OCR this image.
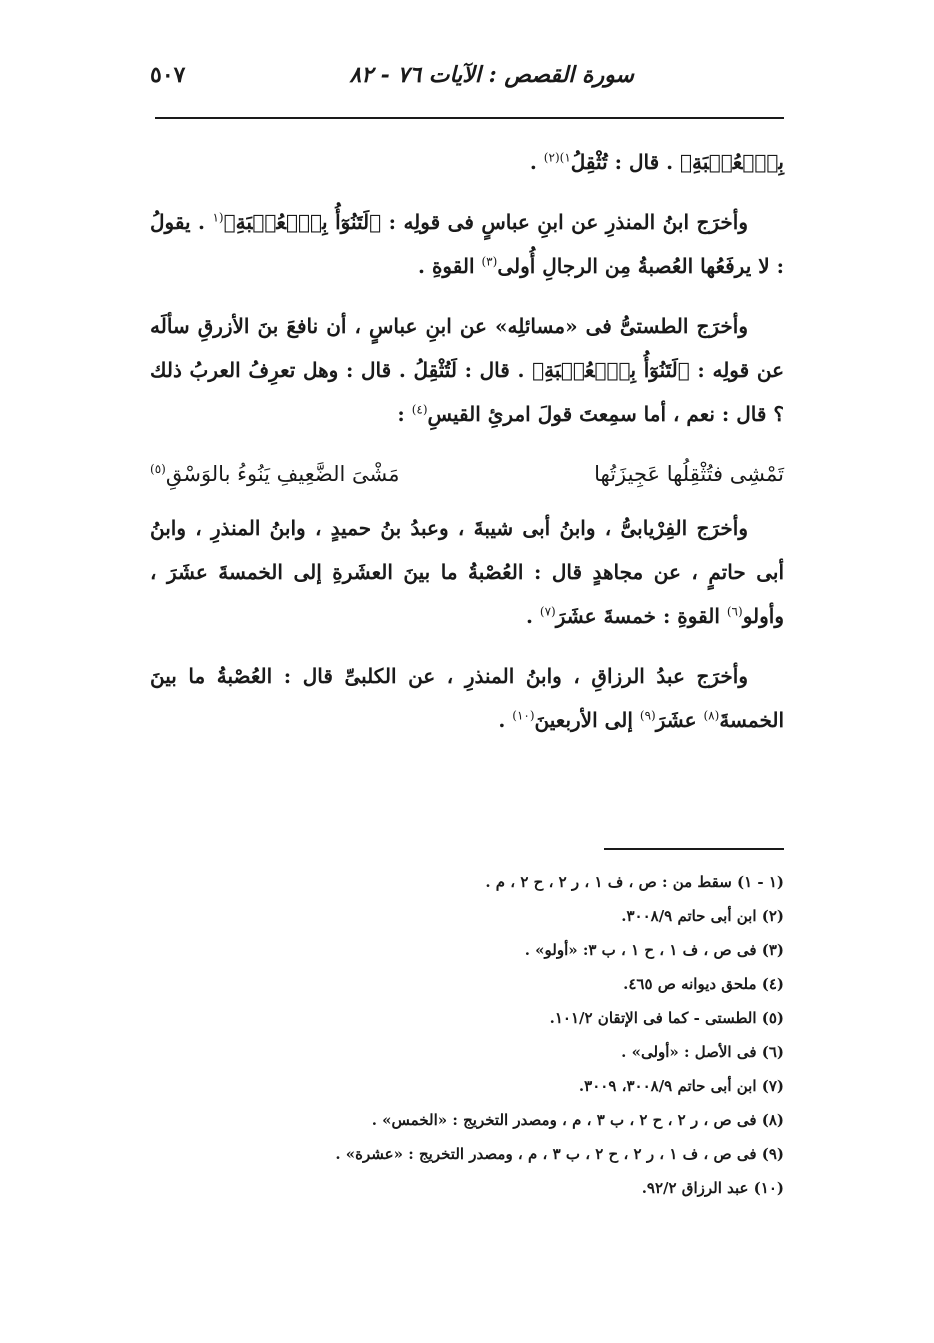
سورة القصص : الآيات ٧٦ - ٨٢
٥٠٧

بِٱلۡعُصۡبَةِ﴾ . قال : تُثْقِلُ$^{١)(٢)}$ .

وأخرَج ابنُ المنذرِ عن ابنِ عباسٍ فى قولِه : ﴿لَتَنُوٓأُ بِٱلۡعُصۡبَةِ﴾$^{(١}$ . يقولُ : لا يرفَعُها العُصبةُ مِن الرجالِ أُولى$^{(٣)}$ القوةِ .

وأخرَج الطستىُّ فى «مسائلِه» عن ابنِ عباسٍ ، أن نافعَ بنَ الأزرقِ سألَه عن قولِه : ﴿لَتَنُوٓأُ بِٱلۡعُصۡبَةِ﴾ . قال : لَتُثْقِلُ . قال : وهل تعرِفُ العربُ ذلك ؟ قال : نعم ، أما سمِعتَ قولَ امرئِ القيسِ$^{(٤)}$ :

تَمْشِى فتُثْقِلُها عَجِيزَتُها
مَشْىَ الضَّعِيفِ يَنُوءُ بالوَسْقِ$^{(٥)}$

وأخرَج الفِرْيابىُّ ، وابنُ أبى شيبةَ ، وعبدُ بنُ حميدٍ ، وابنُ المنذرِ ، وابنُ أبى حاتمٍ ، عن مجاهدٍ قال : العُصْبةُ ما بينَ العشَرةِ إلى الخمسةَ عشَرَ ، وأولو$^{(٦)}$ القوةِ : خمسةَ عشَرَ$^{(٧)}$ .

وأخرَج عبدُ الرزاقِ ، وابنُ المنذرِ ، عن الكلبىِّ قال : العُصْبةُ ما بينَ الخمسةَ$^{(٨)}$ عشَرَ$^{(٩)}$ إلى الأربعينَ$^{(١٠)}$ .

(١ - ١) سقط من : ص ، ف ١ ، ر ٢ ، ح ٢ ، م .
(٢) ابن أبى حاتم ٣٠٠٨/٩.
(٣) فى ص ، ف ١ ، ح ١ ، ب ٣: «أولو» .
(٤) ملحق ديوانه ص ٤٦٥.
(٥) الطستى - كما فى الإتقان ١٠١/٢.
(٦) فى الأصل : «أولى» .
(٧) ابن أبى حاتم ٣٠٠٨/٩، ٣٠٠٩.
(٨) فى ص ، ر ٢ ، ح ٢ ، ب ٣ ، م ، ومصدر التخريج : «الخمس» .
(٩) فى ص ، ف ١ ، ر ٢ ، ح ٢ ، ب ٣ ، م ، ومصدر التخريج : «عشرة» .
(١٠) عبد الرزاق ٩٢/٢.
